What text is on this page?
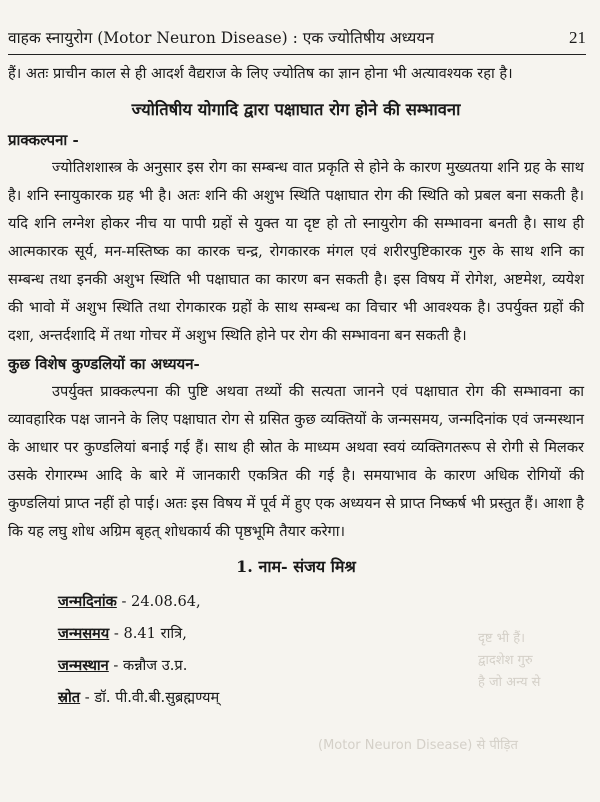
दृष्ट भी हैं।
द्वादशेश गुरु
है जो अन्य से
(Motor Neuron Disease) से पीड़ित
वाहक स्नायुरोग (Motor Neuron Disease) : एक ज्योतिषीय अध्ययन	21

हैं। अतः प्राचीन काल से ही आदर्श वैद्यराज के लिए ज्योतिष का ज्ञान होना भी अत्यावश्यक रहा है।

ज्योतिषीय योगादि द्वारा पक्षाघात रोग होने की सम्भावना

प्राक्कल्पना -

ज्योतिशशास्त्र के अनुसार इस रोग का सम्बन्ध वात प्रकृति से होने के कारण मुख्यतया शनि ग्रह के साथ है। शनि स्नायुकारक ग्रह भी है। अतः शनि की अशुभ स्थिति पक्षाघात रोग की स्थिति को प्रबल बना सकती है। यदि शनि लग्नेश होकर नीच या पापी ग्रहों से युक्त या दृष्ट हो तो स्नायुरोग की सम्भावना बनती है। साथ ही आत्मकारक सूर्य, मन-मस्तिष्क का कारक चन्द्र, रोगकारक मंगल एवं शरीरपुष्टिकारक गुरु के साथ शनि का सम्बन्ध तथा इनकी अशुभ स्थिति भी पक्षाघात का कारण बन सकती है। इस विषय में रोगेश, अष्टमेश, व्ययेश की भावो में अशुभ स्थिति तथा रोगकारक ग्रहों के साथ सम्बन्ध का विचार भी आवश्यक है। उपर्युक्त ग्रहों की दशा, अन्तर्दशादि में तथा गोचर में अशुभ स्थिति होने पर रोग की सम्भावना बन सकती है।

कुछ विशेष कुण्डलियों का अध्ययन-

उपर्युक्त प्राक्कल्पना की पुष्टि अथवा तथ्यों की सत्यता जानने एवं पक्षाघात रोग की सम्भावना का व्यावहारिक पक्ष जानने के लिए पक्षाघात रोग से ग्रसित कुछ व्यक्तियों के जन्मसमय, जन्मदिनांक एवं जन्मस्थान के आधार पर कुण्डलियां बनाई गई हैं। साथ ही स्रोत के माध्यम अथवा स्वयं व्यक्तिगतरूप से रोगी से मिलकर उसके रोगारम्भ आदि के बारे में जानकारी एकत्रित की गई है। समयाभाव के कारण अधिक रोगियों की कुण्डलियां प्राप्त नहीं हो पाई। अतः इस विषय में पूर्व में हुए एक अध्ययन से प्राप्त निष्कर्ष भी प्रस्तुत हैं। आशा है कि यह लघु शोध अग्रिम बृहत् शोधकार्य की पृष्ठभूमि तैयार करेगा।

1. नाम- संजय मिश्र
जन्मदिनांक - 24.08.64,
जन्मसमय - 8.41 रात्रि,
जन्मस्थान - कन्नौज उ.प्र.
स्रोत - डॉ. पी.वी.बी.सुब्रह्मण्यम्
